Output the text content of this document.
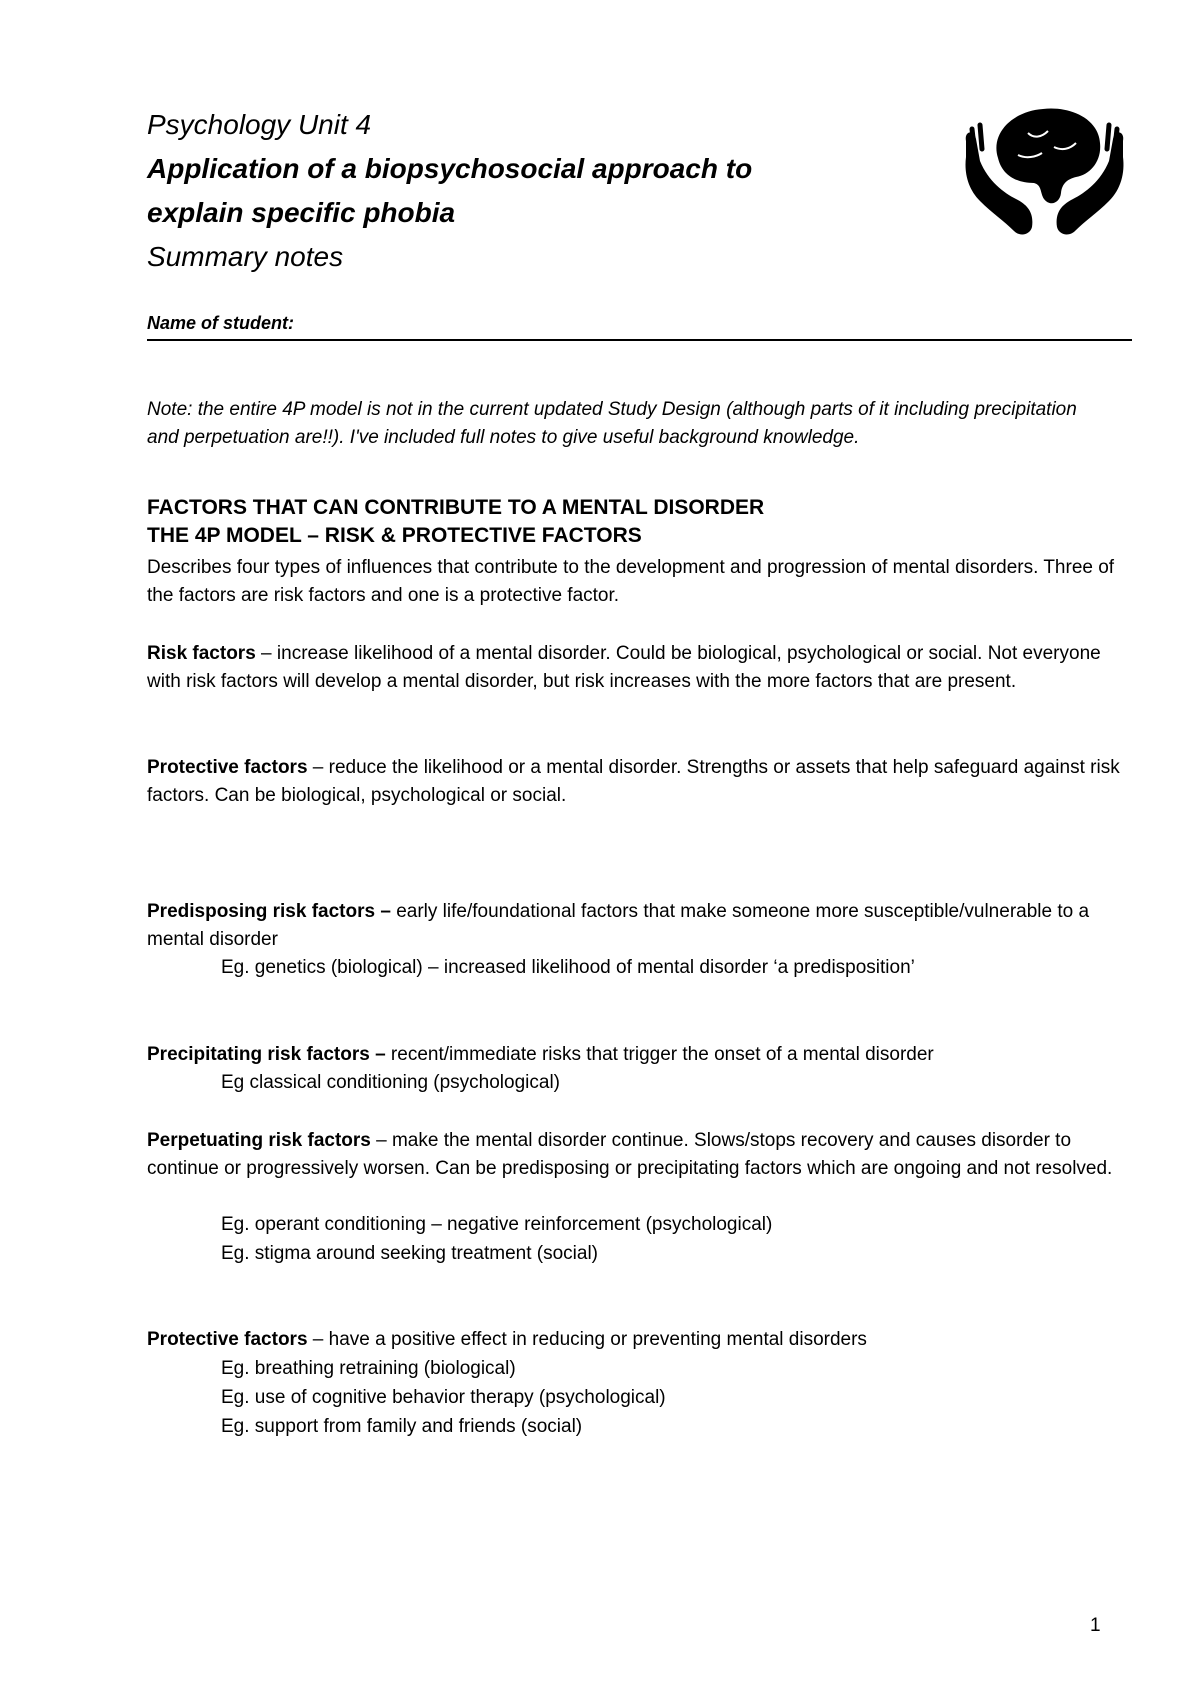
Psychology Unit 4
Application of a biopsychosocial approach to
explain specific phobia
Summary notes
Name of student:

Note: the entire 4P model is not in the current updated Study Design (although parts of it including precipitation and perpetuation are!!). I've included full notes to give useful background knowledge.

FACTORS THAT CAN CONTRIBUTE TO A MENTAL DISORDER
THE 4P MODEL – RISK & PROTECTIVE FACTORS

Describes four types of influences that contribute to the development and progression of mental disorders. Three of the factors are risk factors and one is a protective factor.

Risk factors – increase likelihood of a mental disorder. Could be biological, psychological or social. Not everyone with risk factors will develop a mental disorder, but risk increases with the more factors that are present.

Protective factors – reduce the likelihood or a mental disorder. Strengths or assets that help safeguard against risk factors. Can be biological, psychological or social.

Predisposing risk factors – early life/foundational factors that make someone more susceptible/vulnerable to a mental disorder

Eg. genetics (biological) – increased likelihood of mental disorder ‘a predisposition’

Precipitating risk factors – recent/immediate risks that trigger the onset of a mental disorder

Eg classical conditioning (psychological)

Perpetuating risk factors – make the mental disorder continue. Slows/stops recovery and causes disorder to continue or progressively worsen. Can be predisposing or precipitating factors which are ongoing and not resolved.

Eg. operant conditioning – negative reinforcement (psychological)
Eg. stigma around seeking treatment (social)

Protective factors – have a positive effect in reducing or preventing mental disorders

Eg. breathing retraining (biological)
Eg. use of cognitive behavior therapy (psychological)
Eg. support from family and friends (social)
1
